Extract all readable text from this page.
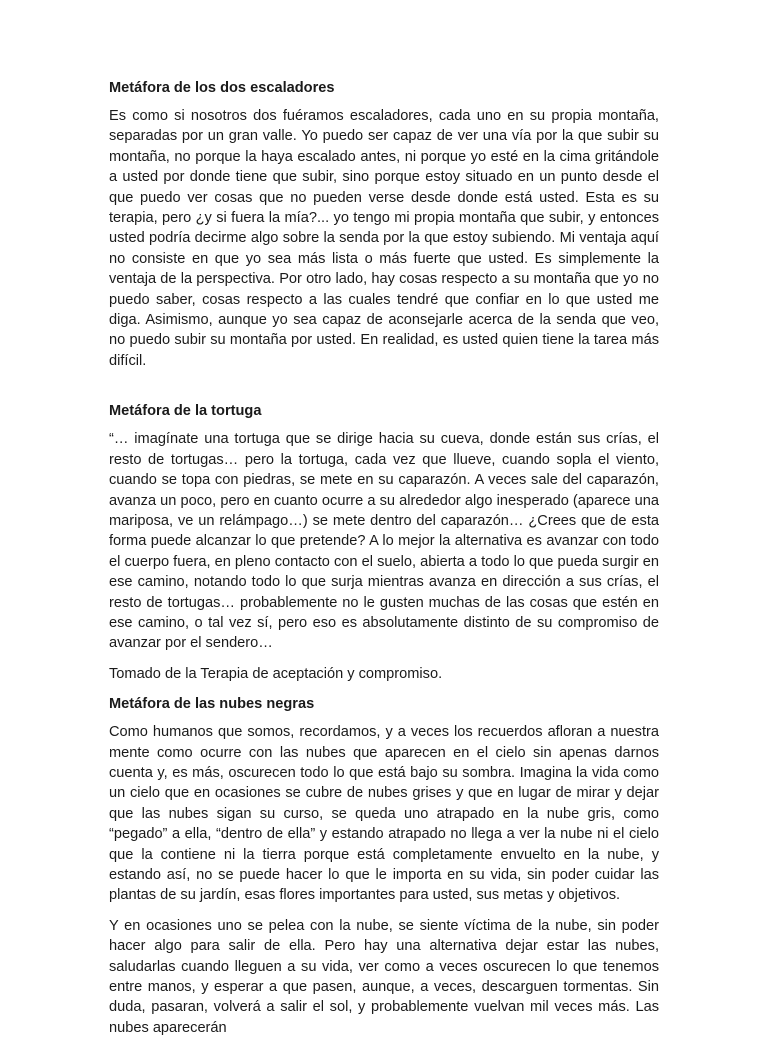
Metáfora de los dos escaladores

Es como si nosotros dos fuéramos escaladores, cada uno en su propia montaña, separadas por un gran valle. Yo puedo ser capaz de ver una vía por la que subir su montaña, no porque la haya escalado antes, ni porque yo esté en la cima gritándole a usted por donde tiene que subir, sino porque estoy situado en un punto desde el que puedo ver cosas que no pueden verse desde donde está usted. Esta es su terapia, pero ¿y si fuera la mía?... yo tengo mi propia montaña que subir, y entonces usted podría decirme algo sobre la senda por la que estoy subiendo. Mi ventaja aquí no consiste en que yo sea más lista o más fuerte que usted. Es simplemente la ventaja de la perspectiva. Por otro lado, hay cosas respecto a su montaña que yo no puedo saber, cosas respecto a las cuales tendré que confiar en lo que usted me diga. Asimismo, aunque yo sea capaz de aconsejarle acerca de la senda que veo, no puedo subir su montaña por usted. En realidad, es usted quien tiene la tarea más difícil.

Metáfora de la tortuga

“… imagínate una tortuga que se dirige hacia su cueva, donde están sus crías, el resto de tortugas… pero la tortuga, cada vez que llueve, cuando sopla el viento, cuando se topa con piedras, se mete en su caparazón. A veces sale del caparazón, avanza un poco, pero en cuanto ocurre a su alrededor algo inesperado (aparece una mariposa, ve un relámpago…) se mete dentro del caparazón… ¿Crees que de esta forma puede alcanzar lo que pretende? A lo mejor la alternativa es avanzar con todo el cuerpo fuera, en pleno contacto con el suelo, abierta a todo lo que pueda surgir en ese camino, notando todo lo que surja mientras avanza en dirección a sus crías, el resto de tortugas… probablemente no le gusten muchas de las cosas que estén en ese camino, o tal vez sí, pero eso es absolutamente distinto de su compromiso de avanzar por el sendero…

Tomado de la Terapia de aceptación y compromiso.

Metáfora de las nubes negras

Como humanos que somos, recordamos, y a veces los recuerdos afloran a nuestra mente como ocurre con las nubes que aparecen en el cielo sin apenas darnos cuenta y, es más, oscurecen todo lo que está bajo su sombra. Imagina la vida como un cielo que en ocasiones se cubre de nubes grises y que en lugar de mirar y dejar que las nubes sigan su curso, se queda uno atrapado en la nube gris, como “pegado” a ella, “dentro de ella” y estando atrapado no llega a ver la nube ni el cielo que la contiene ni la tierra porque está completamente envuelto en la nube, y estando así, no se puede hacer lo que le importa en su vida, sin poder cuidar las plantas de su jardín, esas flores importantes para usted, sus metas y objetivos.

Y en ocasiones uno se pelea con la nube, se siente víctima de la nube, sin poder hacer algo para salir de ella. Pero hay una alternativa dejar estar las nubes, saludarlas cuando lleguen a su vida, ver como a veces oscurecen lo que tenemos entre manos, y esperar a que pasen, aunque, a veces, descarguen tormentas. Sin duda, pasaran, volverá a salir el sol, y probablemente vuelvan mil veces más. Las nubes aparecerán
